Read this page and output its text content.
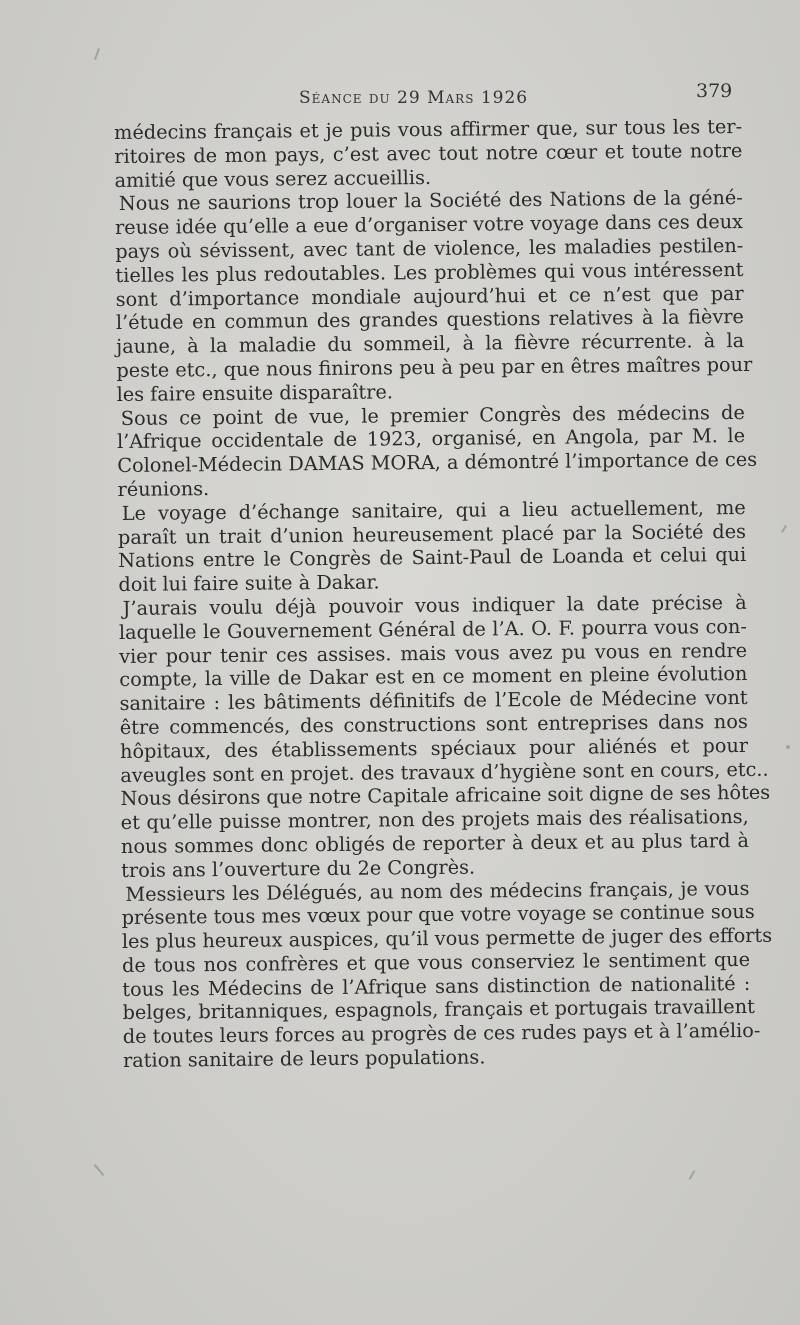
Séance du 29 Mars 1926	379

médecins français et je puis vous affirmer que, sur tous les ter-
ritoires de mon pays, c’est avec tout notre cœur et toute notre
amitié que vous serez accueillis.

Nous ne saurions trop louer la Société des Nations de la géné-
reuse idée qu’elle a eue d’organiser votre voyage dans ces deux
pays où sévissent, avec tant de violence, les maladies pestilen-
tielles les plus redoutables. Les problèmes qui vous intéressent
sont d’importance mondiale aujourd’hui et ce n’est que par
l’étude en commun des grandes questions relatives à la fièvre
jaune, à la maladie du sommeil, à la fièvre récurrente. à la
peste etc., que nous finirons peu à peu par en êtres maîtres pour
les faire ensuite disparaître.

Sous ce point de vue, le premier Congrès des médecins de
l’Afrique occidentale de 1923, organisé, en Angola, par M. le
Colonel-Médecin DAMAS MORA, a démontré l’importance de ces
réunions.

Le voyage d’échange sanitaire, qui a lieu actuellement, me
paraît un trait d’union heureusement placé par la Société des
Nations entre le Congrès de Saint-Paul de Loanda et celui qui
doit lui faire suite à Dakar.

J’aurais voulu déjà pouvoir vous indiquer la date précise à
laquelle le Gouvernement Général de l’A. O. F. pourra vous con-
vier pour tenir ces assises. mais vous avez pu vous en rendre
compte, la ville de Dakar est en ce moment en pleine évolution
sanitaire : les bâtiments définitifs de l’Ecole de Médecine vont
être commencés, des constructions sont entreprises dans nos
hôpitaux, des établissements spéciaux pour aliénés et pour
aveugles sont en projet. des travaux d’hygiène sont en cours, etc..
Nous désirons que notre Capitale africaine soit digne de ses hôtes
et qu’elle puisse montrer, non des projets mais des réalisations,
nous sommes donc obligés de reporter à deux et au plus tard à
trois ans l’ouverture du 2e Congrès.

Messieurs les Délégués, au nom des médecins français, je vous
présente tous mes vœux pour que votre voyage se continue sous
les plus heureux auspices, qu’il vous permette de juger des efforts
de tous nos confrères et que vous conserviez le sentiment que
tous les Médecins de l’Afrique sans distinction de nationalité :
belges, britanniques, espagnols, français et portugais travaillent
de toutes leurs forces au progrès de ces rudes pays et à l’amélio-
ration sanitaire de leurs populations.
